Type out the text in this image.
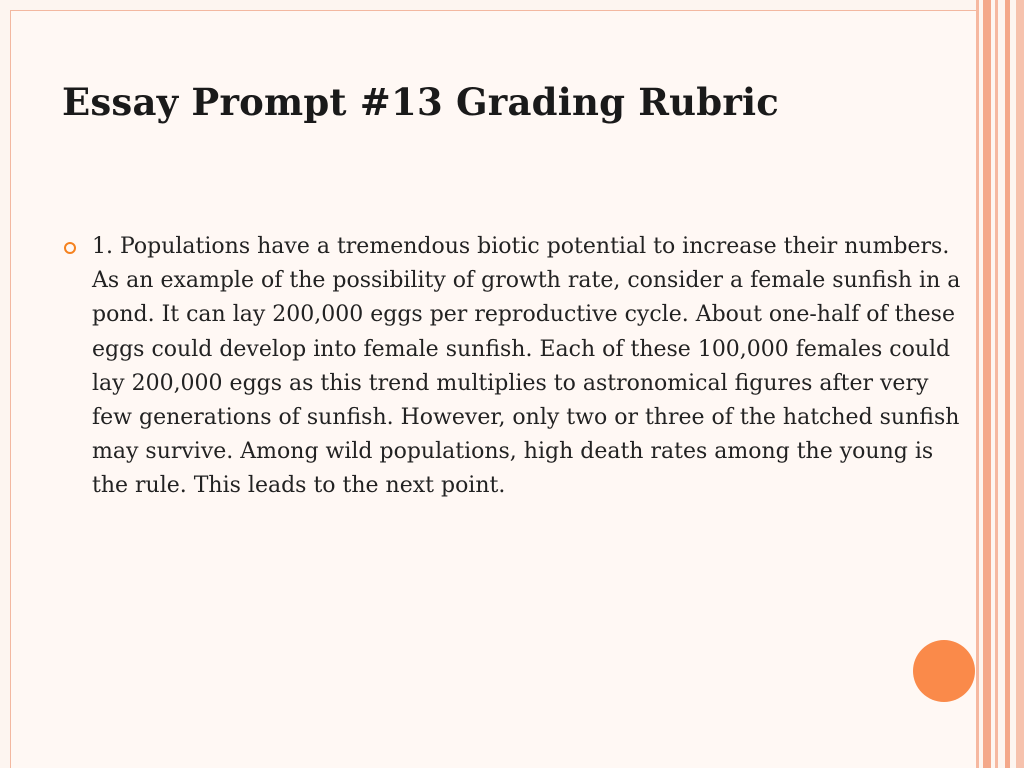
Essay Prompt #13 Grading Rubric
1. Populations have a tremendous biotic potential to increase their numbers. As an example of the possibility of growth rate, consider a female sunfish in a pond. It can lay 200,000 eggs per reproductive cycle. About one-half of these eggs could develop into female sunfish. Each of these 100,000 females could lay 200,000 eggs as this trend multiplies to astronomical figures after very few generations of sunfish. However, only two or three of the hatched sunfish may survive. Among wild populations, high death rates among the young is the rule. This leads to the next point.
